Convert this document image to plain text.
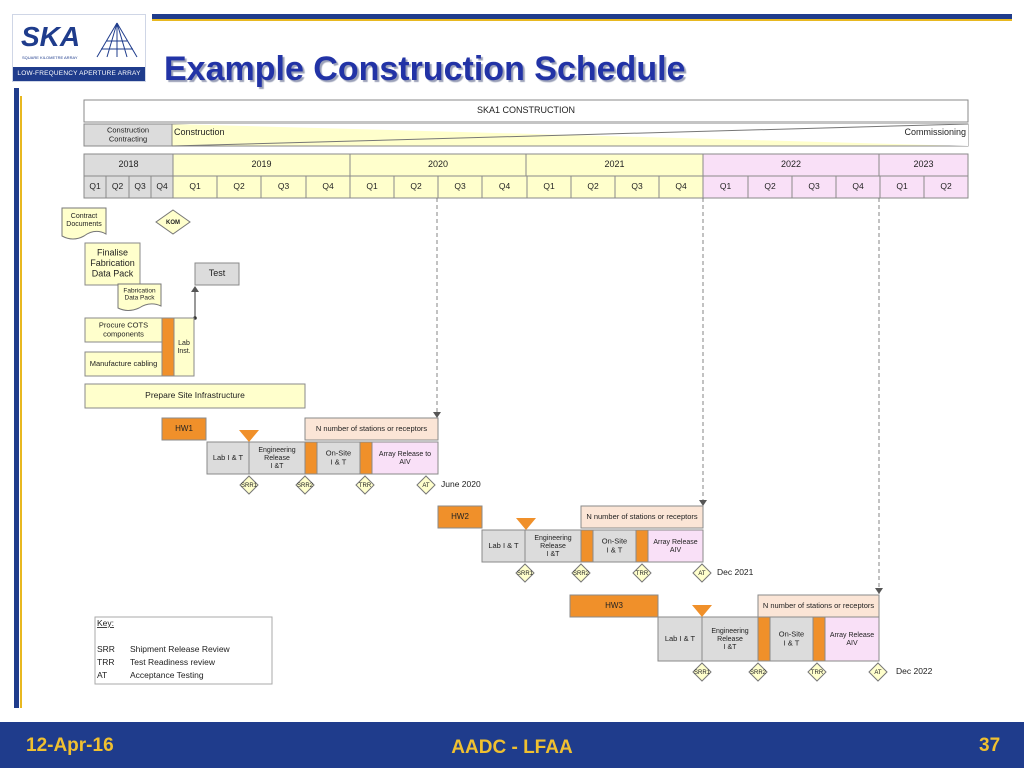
SKA
SQUARE KILOMETRE ARRAY
LOW-FREQUENCY APERTURE ARRAY Example Construction Schedule
SKA1 CONSTRUCTION
Construction Contracting
Construction	Commissioning
2018	2019	2020	2021	2022	2023
Q1 Q2 Q3 Q4	Q1	Q2	Q3	Q4	Q1	Q2	Q3	Q4	Q1	Q2	Q3	Q4	Q1	Q2	Q3	Q4	Q1	Q2
Contract Documents	KOM
Finalise Fabrication Data Pack
Fabrication Data Pack
Test
Procure COTS components
Lab Inst.
Manufacture cabling
Prepare Site Infrastructure
HW1	N number of stations or receptors
Lab I & T
Engineering Release I &T
On-Site I & T
Array Release to AIV
SRR1	SRR2	TRR	AT June 2020
HW2	N number of stations or receptors
Lab I & T
Engineering Release I &T
On-Site I & T
Array Release AIV
SRR1	SRR2	TRR	AT Dec 2021
HW3	N number of stations or receptors
Lab I & T
Engineering Release I &T
On-Site I & T
Array Release AIV
SRR1	SRR2	TRR	AT Dec 2022
Key:
SRR Shipment Release Review
TRR Test Readiness review
AT	Acceptance Testing
12-Apr-16	AADC - LFAA	37
